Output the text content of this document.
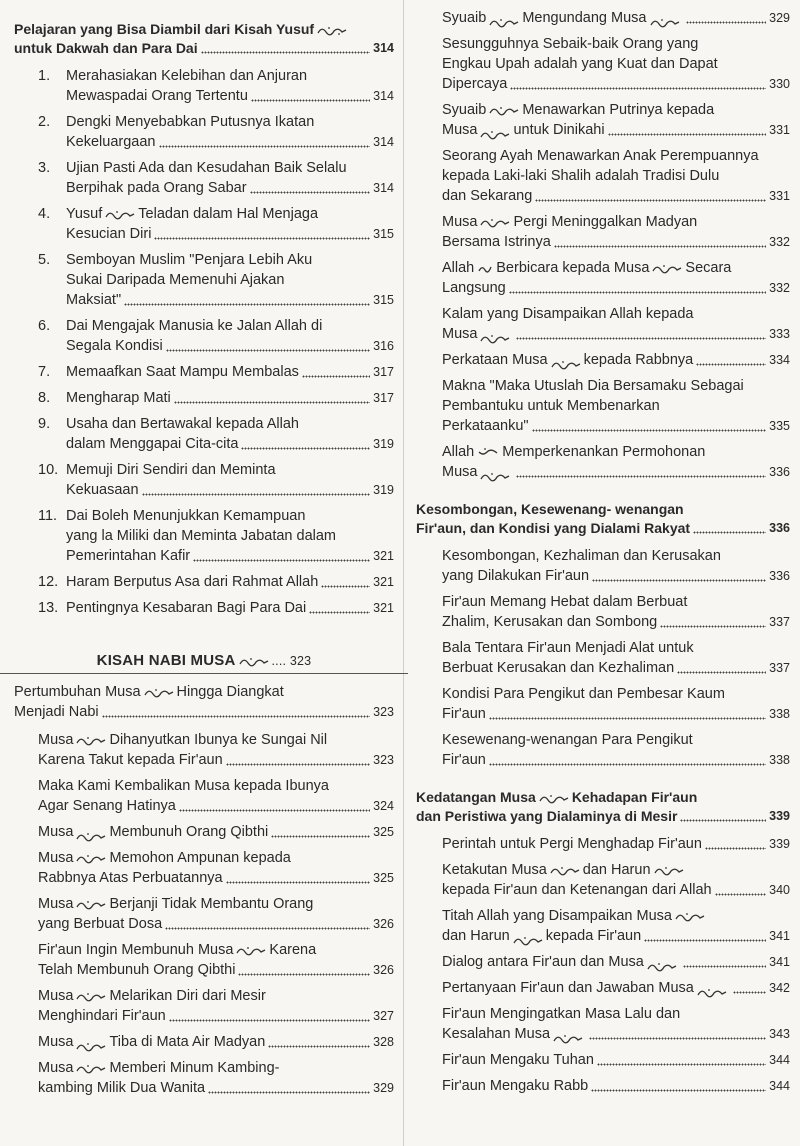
Pelajaran yang Bisa Diambil dari Kisah Yusuf
untuk Dakwah dan Para Dai	314
1.	Merahasiakan Kelebihan dan Anjuran
Mewaspadai Orang Tertentu	314
2.	Dengki Menyebabkan Putusnya Ikatan
Kekeluargaan	314
3.	Ujian Pasti Ada dan Kesudahan Baik Selalu
Berpihak pada Orang Sabar	314
4.	Yusuf Teladan dalam Hal Menjaga
Kesucian Diri	315
5.	Semboyan Muslim "Penjara Lebih Aku
Sukai Daripada Memenuhi Ajakan
Maksiat"	315
6.	Dai Mengajak Manusia ke Jalan Allah di
Segala Kondisi	316
7.	Memaafkan Saat Mampu Membalas	317
8.	Mengharap Mati	317
9.	Usaha dan Bertawakal kepada Allah
dalam Menggapai Cita-cita	319
10. Memuji Diri Sendiri dan Meminta
Kekuasaan	319
11. Dai Boleh Menunjukkan Kemampuan
yang la Miliki dan Meminta Jabatan dalam
Pemerintahan Kafir	321
12. Haram Berputus Asa dari Rahmat Allah	321
13. Pentingnya Kesabaran Bagi Para Dai	321
KISAH NABI MUSA	.... 323
Pertumbuhan Musa Hingga Diangkat
Menjadi Nabi	323
Musa Dihanyutkan Ibunya ke Sungai Nil
Karena Takut kepada Fir'aun	323
Maka Kami Kembalikan Musa kepada Ibunya
Agar Senang Hatinya	324
Musa Membunuh Orang Qibthi	325
Musa Memohon Ampunan kepada
Rabbnya Atas Perbuatannya	325
Musa Berjanji Tidak Membantu Orang
yang Berbuat Dosa	326
Fir'aun Ingin Membunuh Musa Karena
Telah Membunuh Orang Qibthi	326
Musa Melarikan Diri dari Mesir
Menghindari Fir'aun	327
Musa Tiba di Mata Air Madyan	328
Musa Memberi Minum Kambing-
kambing Milik Dua Wanita	329
Syuaib Mengundang Musa	329
Sesungguhnya Sebaik-baik Orang yang
Engkau Upah adalah yang Kuat dan Dapat
Dipercaya	330
Syuaib Menawarkan Putrinya kepada
Musa untuk Dinikahi	331
Seorang Ayah Menawarkan Anak Perempuannya
kepada Laki-laki Shalih adalah Tradisi Dulu
dan Sekarang	331
Musa Pergi Meninggalkan Madyan
Bersama Istrinya	332
Allah Berbicara kepada Musa Secara
Langsung	332
Kalam yang Disampaikan Allah kepada
Musa	333
Perkataan Musa kepada Rabbnya	334
Makna "Maka Utuslah Dia Bersamaku Sebagai
Pembantuku untuk Membenarkan
Perkataanku"	335
Allah Memperkenankan Permohonan
Musa	336
Kesombongan, Kesewenang- wenangan
Fir'aun, dan Kondisi yang Dialami Rakyat	336
Kesombongan, Kezhaliman dan Kerusakan
yang Dilakukan Fir'aun	336
Fir'aun Memang Hebat dalam Berbuat
Zhalim, Kerusakan dan Sombong	337
Bala Tentara Fir'aun Menjadi Alat untuk
Berbuat Kerusakan dan Kezhaliman	337
Kondisi Para Pengikut dan Pembesar Kaum
Fir'aun	338
Kesewenang-wenangan Para Pengikut
Fir'aun	338
Kedatangan Musa	Kehadapan Fir'aun
dan Peristiwa yang Dialaminya di Mesir	339
Perintah untuk Pergi Menghadap Fir'aun	339
Ketakutan Musa dan Harun
kepada Fir'aun dan Ketenangan dari Allah	340
Titah Allah yang Disampaikan Musa
dan Harun kepada Fir'aun	341
Dialog antara Fir'aun dan Musa	341
Pertanyaan Fir'aun dan Jawaban Musa	342
Fir'aun Mengingatkan Masa Lalu dan
Kesalahan Musa	343
Fir'aun Mengaku Tuhan	344
Fir'aun Mengaku Rabb	344
